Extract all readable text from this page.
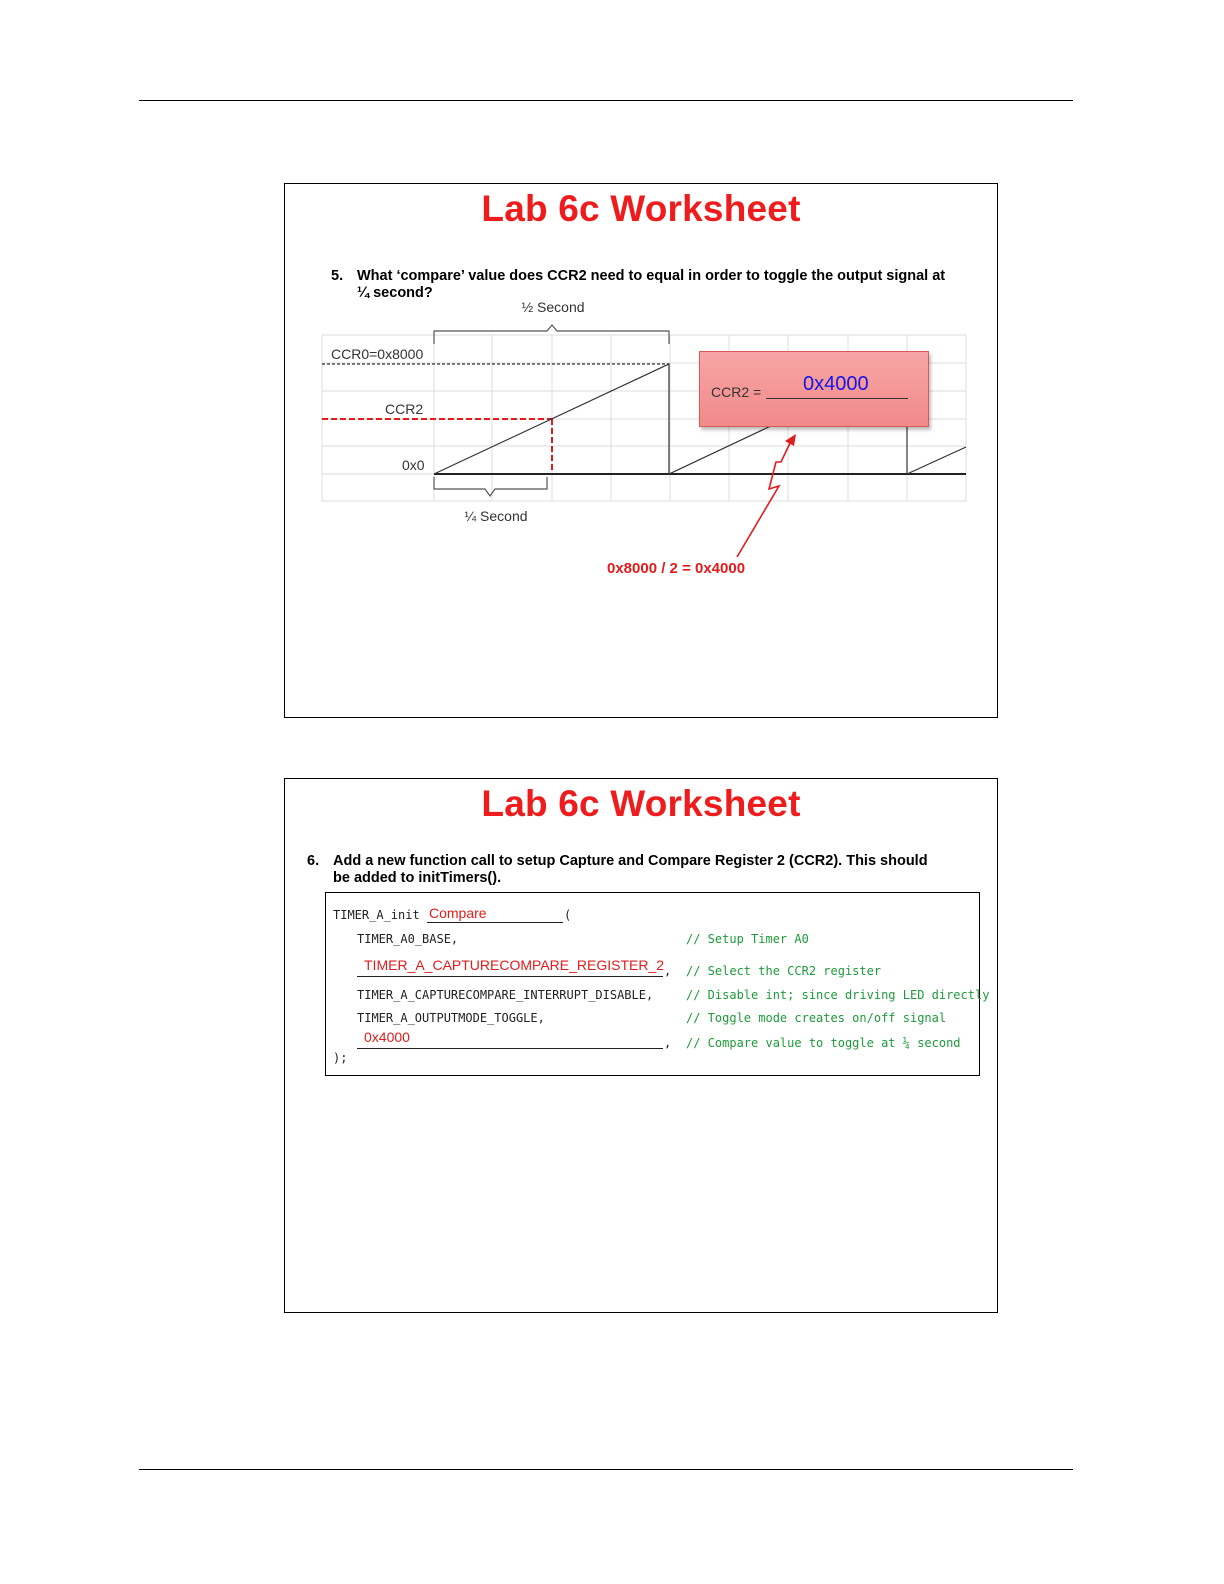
Lab 6c Worksheet
5. What ‘compare’ value does CCR2 need to equal in order to toggle the output signal at
¼ second?
½ Second
CCR0=0x8000
CCR2
0x0
¼ Second
CCR2 = 0x4000
0x8000 / 2 = 0x4000
Lab 6c Worksheet
6. Add a new function call to setup Capture and Compare Register 2 (CCR2). This should
be added to initTimers().
TIMER_A_init Compare	(
TIMER_A0_BASE,	// Setup Timer A0
TIMER_A_CAPTURECOMPARE_REGISTER_2 , // Select the CCR2 register
TIMER_A_CAPTURECOMPARE_INTERRUPT_DISABLE,	// Disable int; since driving LED directly
TIMER_A_OUTPUTMODE_TOGGLE,	// Toggle mode creates on/off signal
0x4000	, // Compare value to toggle at ¼ second
);
